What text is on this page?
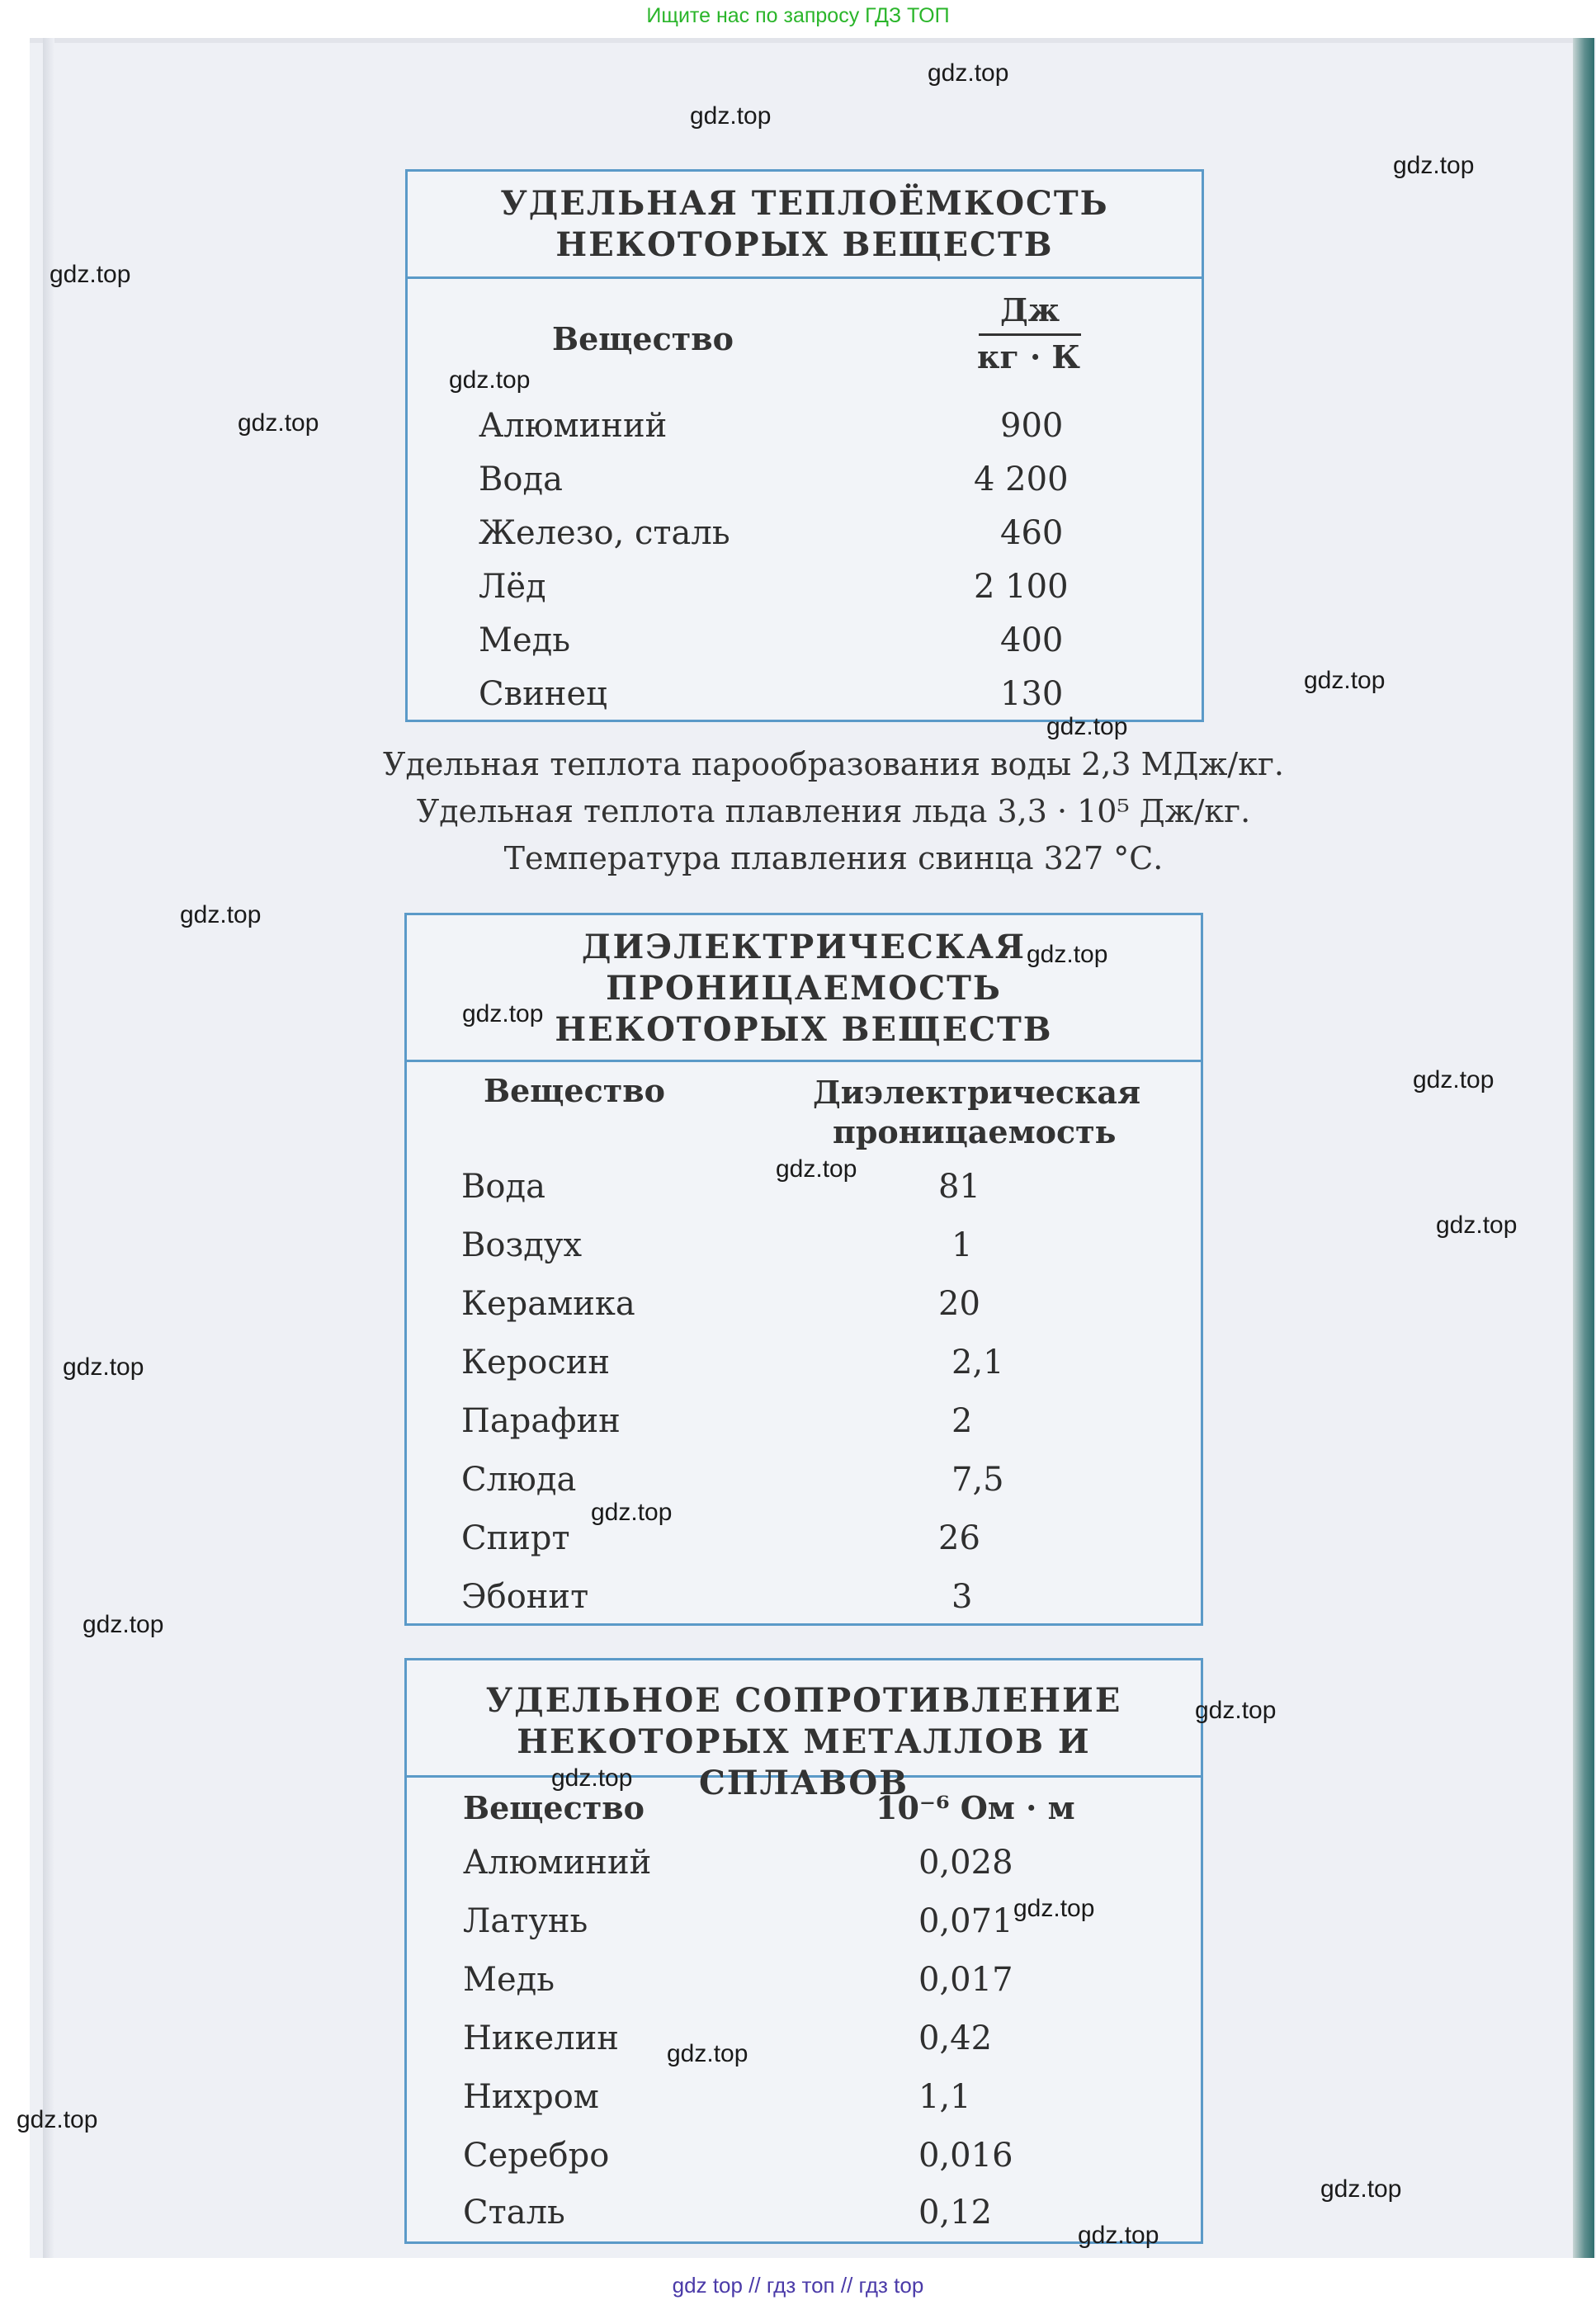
Ищите нас по запросу ГДЗ ТОП
УДЕЛЬНАЯ ТЕПЛОЁМКОСТЬ
НЕКОТОРЫХ ВЕЩЕСТВ
Вещество
Дж
кг · К
Алюминий	900
Вода	4 200
Железо, сталь	460
Лёд	2 100
Медь	400
Свинец	130
Удельная теплота парообразования воды 2,3 МДж/кг.
Удельная теплота плавления льда 3,3 · 10⁵ Дж/кг.
Температура плавления свинца 327 °С.
ДИЭЛЕКТРИЧЕСКАЯ
ПРОНИЦАЕМОСТЬ
НЕКОТОРЫХ ВЕЩЕСТВ
Вещество	Диэлектрическая
проницаемость
Вода	81
Воздух	1
Керамика	20
Керосин	2,1
Парафин	2
Слюда	7,5
Спирт	26
Эбонит	3
УДЕЛЬНОЕ СОПРОТИВЛЕНИЕ
НЕКОТОРЫХ МЕТАЛЛОВ И СПЛАВОВ
Вещество	10⁻⁶ Ом · м
Алюминий	0,028
Латунь	0,071
Медь	0,017
Никелин	0,42
Нихром	1,1
Серебро	0,016
Сталь	0,12
gdz.top
gdz.top
gdz.top
gdz.top
gdz.top
gdz.top
gdz.top
gdz.top
gdz.top
gdz.top
gdz.top
gdz.top
gdz.top
gdz.top
gdz.top
gdz.top
gdz.top
gdz.top
gdz.top
gdz.top
gdz.top
gdz.top
gdz.top
gdz.top
gdz top // гдз топ // гдз top
